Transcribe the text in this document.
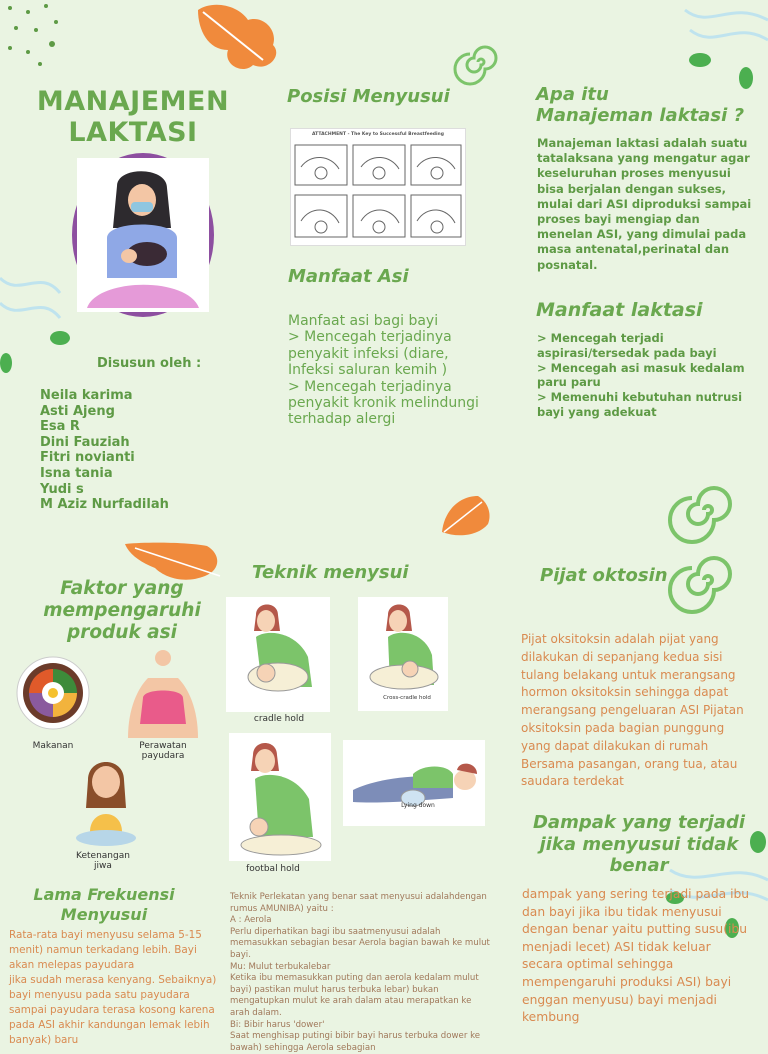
MANAJEMEN
LAKTASI
Disusun oleh :
Neila karima
Asti Ajeng
Esa R
Dini Fauziah
Fitri novianti
Isna tania
Yudi s
M Aziz Nurfadilah
Posisi Menyusui
ATTACHMENT - The Key to Successful Breastfeeding
Manfaat Asi
Manfaat asi bagi bayi
> Mencegah terjadinya penyakit infeksi (diare, Infeksi saluran kemih )
> Mencegah terjadinya penyakit kronik melindungi terhadap alergi
Apa itu
Manajeman laktasi ?
Manajeman laktasi adalah suatu tatalaksana yang mengatur agar keseluruhan proses menyusui bisa berjalan dengan sukses, mulai dari ASI diproduksi sampai proses bayi mengiap dan menelan ASI, yang dimulai pada masa antenatal,perinatal dan posnatal.
Manfaat laktasi
> Mencegah terjadi aspirasi/tersedak pada bayi
> Mencegah asi masuk kedalam paru paru
> Memenuhi kebutuhan nutrusi bayi yang adekuat
Faktor yang mempengaruhi produk asi
Makanan	Perawatan payudara
Ketenangan jiwa
Teknik menysui
cradle hold
Cross-cradle hold
footbal hold
Lying down
Teknik Perlekatan yang benar saat menyusui adalahdengan rumus AMUNIBA) yaitu :
A : Aerola
Perlu diperhatikan bagi ibu saatmenyusui adalah memasukkan sebagian besar Aerola bagian bawah ke mulut bayi.
Mu: Mulut terbukalebar
Ketika ibu memasukkan puting dan aerola kedalam mulut bayi) pastikan mulut harus terbuka lebar) bukan mengatupkan mulut ke arah dalam atau merapatkan ke arah dalam.
Bi: Bibir harus 'dower'
Saat menghisap putingi bibir bayi harus terbuka dower ke bawah) sehingga Aerola sebagian
Pijat oktosin
Pijat oksitoksin adalah pijat yang dilakukan di sepanjang kedua sisi tulang belakang untuk merangsang hormon oksitoksin sehingga dapat merangsang pengeluaran ASI Pijatan oksitoksin pada bagian punggung yang dapat dilakukan di rumah Bersama pasangan, orang tua, atau saudara terdekat
Dampak yang terjadi jika menyusui tidak benar
dampak yang sering terjadi pada ibu dan bayi jika ibu tidak menyusui dengan benar yaitu putting susu(ibu menjadi lecet) ASI tidak keluar secara optimal sehingga mempengaruhi produksi ASI) bayi enggan menyusu) bayi menjadi kembung
Lama Frekuensi Menyusui
Rata-rata bayi menyusu selama 5-15 menit) namun terkadang lebih. Bayi akan melepas payudara
jika sudah merasa kenyang. Sebaiknya) bayi menyusu pada satu payudara sampai payudara terasa kosong karena pada ASI akhir kandungan lemak lebih banyak) baru
